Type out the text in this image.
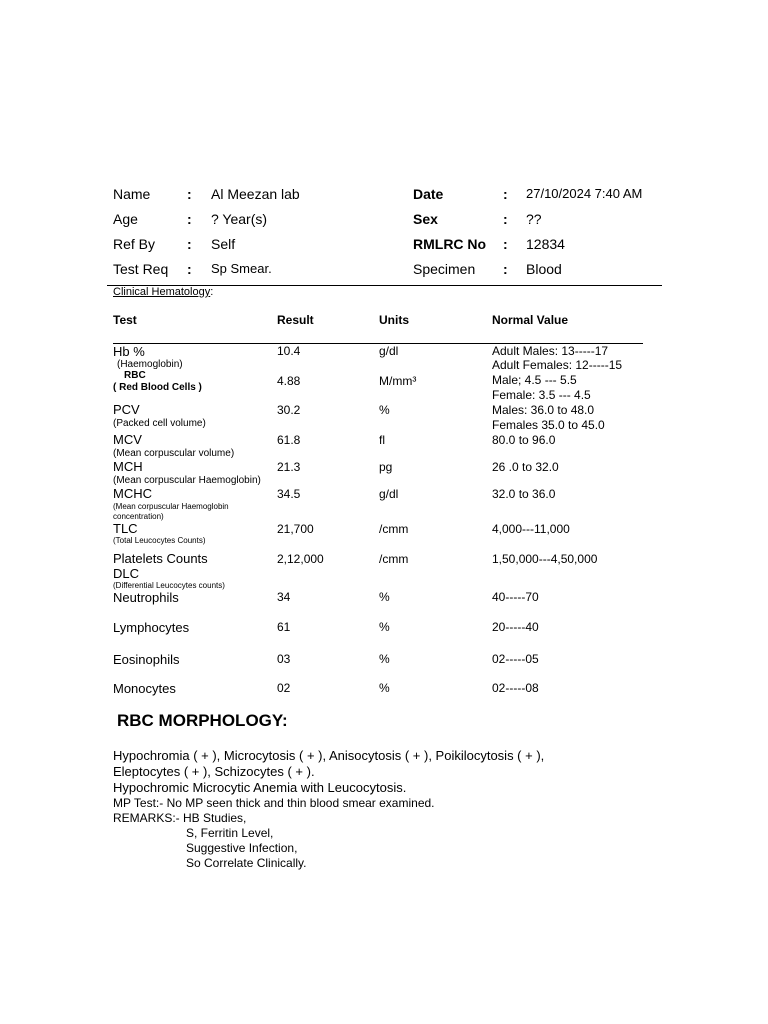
Name	: Al Meezan lab
Age	: ? Year(s)
Ref By : Self
Test Req : Sp Smear.
Date	: 27/10/2024 7:40 AM
Sex	: ??
RMLRC No : 12834
Specimen : Blood
Clinical Hematology:
Test	Result	Units	Normal Value
Hb %
(Haemoglobin)
10.4	g/dl	Adult Males: 13-----17
Adult Females: 12-----15
RBC
( Red Blood Cells )	4.88	M/mm³	Male; 4.5 --- 5.5
Female: 3.5 --- 4.5
PCV
(Packed cell volume)
30.2	%	Males: 36.0 to 48.0
Females 35.0 to 45.0
MCV
(Mean corpuscular volume)
61.8	fl	80.0 to 96.0
MCH
(Mean corpuscular Haemoglobin)
21.3	pg	26 .0 to 32.0
MCHC
(Mean corpuscular Haemoglobin
concentration)
34.5	g/dl	32.0 to 36.0
TLC
(Total Leucocytes Counts)
21,700	/cmm	4,000---11,000
Platelets Counts	2,12,000	/cmm	1,50,000---4,50,000
DLC
(Differential Leucocytes counts)
Neutrophils	34	%	40-----70
Lymphocytes	61	%	20-----40
Eosinophils	03	%	02-----05
Monocytes	02	%	02-----08
RBC MORPHOLOGY:
Hypochromia ( + ), Microcytosis ( + ), Anisocytosis ( + ), Poikilocytosis ( + ),
Eleptocytes ( + ), Schizocytes ( + ).
Hypochromic Microcytic Anemia with Leucocytosis.
MP Test:- No MP seen thick and thin blood smear examined.
REMARKS:- HB Studies,
S, Ferritin Level,
Suggestive Infection,
So Correlate Clinically.
